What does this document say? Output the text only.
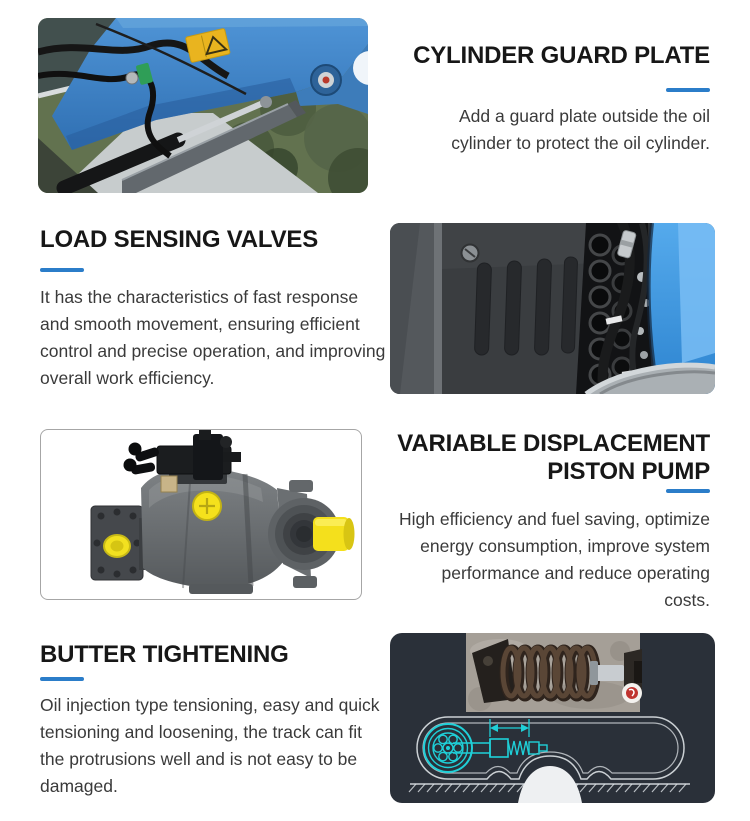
CYLINDER GUARD PLATE

Add a guard plate outside the oil cylinder to protect the oil cylinder.

LOAD SENSING VALVES

It has the characteristics of fast response and smooth movement, ensuring efficient control and precise operation, and improving overall work efficiency.

VARIABLE DISPLACEMENT
PISTON PUMP

High efficiency and fuel saving, optimize energy consumption, improve system performance and reduce operating costs.

BUTTER TIGHTENING

Oil injection type tensioning, easy and quick tensioning and loosening, the track can fit the protrusions well and is not easy to be damaged.
